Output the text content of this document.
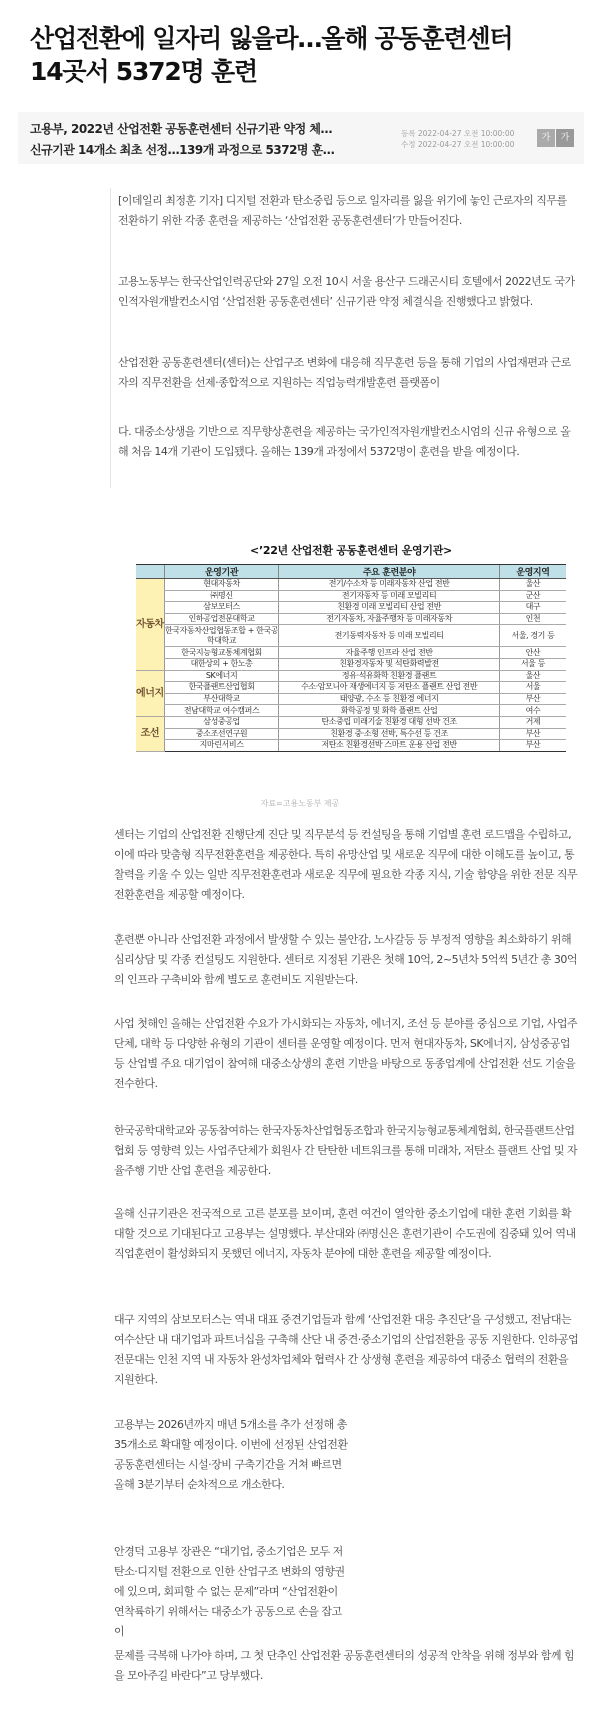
산업전환에 일자리 잃을라…올해 공동훈련센터
14곳서 5372명 훈련
고용부, 2022년 산업전환 공동훈련센터 신규기관 약정 체…
신규기관 14개소 최초 선정…139개 과정으로 5372명 훈…
등록 2022-04-27 오전 10:00:00
수정 2022-04-27 오전 10:00:00
가	가

[이데일리 최정훈 기자] 디지털 전환과 탄소중립 등으로 일자리를 잃을 위기에 놓인 근로자의 직무를 전환하기 위한 각종 훈련을 제공하는 ‘산업전환 공동훈련센터’가 만들어진다.

고용노동부는 한국산업인력공단와 27일 오전 10시 서울 용산구 드래곤시티 호텔에서 2022년도 국가인적자원개발컨소시엄 ‘산업전환 공동훈련센터’ 신규기관 약정 체결식을 진행했다고 밝혔다.

산업전환 공동훈련센터(센터)는 산업구조 변화에 대응해 직무훈련 등을 통해 기업의 사업재편과 근로자의 직무전환을 선제·종합적으로 지원하는 직업능력개발훈련 플랫폼이

다. 대중소상생을 기반으로 직무향상훈련을 제공하는 국가인적자원개발컨소시엄의 신규 유형으로 올해 처음 14개 기관이 도입됐다. 올해는 139개 과정에서 5372명이 훈련을 받을 예정이다.

<’22년 산업전환 공동훈련센터 운영기관>
	운영기관	주요 훈련분야	운영지역
자동차	현대자동차	전기/수소차 등 미래자동차 산업 전반	울산
	㈜명신	전기자동차 등 미래 모빌리티	군산
	삼보모터스	친환경 미래 모빌리티 산업 전반	대구
	인하공업전문대학교	전기자동차, 자율주행차 등 미래자동차	인천
	한국자동차산업협동조합 + 한국공학대학교	전기동력자동차 등 미래 모빌리티	서울, 경기 등
	한국지능형교통체계협회	자율주행 인프라 산업 전반	안산
	대한상의 + 한노총	친환경자동차 및 석탄화력발전	서울 등
에너지	SK에너지	정유·석유화학 친환경 플랜트	울산
	한국플랜트산업협회	수소·암모니아 재생에너지 등 저탄소 플랜트 산업 전반	서울
	부산대학교	태양광, 수소 등 친환경 에너지	부산
	전남대학교 여수캠퍼스	화학공정 및 화학 플랜트 산업	여수
조선	삼성중공업	탄소중립 미래기술 친환경 대형 선박 건조	거제
	중소조선연구원	친환경 중·소형 선박, 특수선 등 건조	부산
	지마린서비스	저탄소 친환경선박 스마트 운용 산업 전반	부산
자료=고용노동부 제공

센터는 기업의 산업전환 진행단계 진단 및 직무분석 등 컨설팅을 통해 기업별 훈련 로드맵을 수립하고, 이에 따라 맞춤형 직무전환훈련을 제공한다. 특히 유망산업 및 새로운 직무에 대한 이해도를 높이고, 통찰력을 키울 수 있는 일반 직무전환훈련과 새로운 직무에 필요한 각종 지식, 기술 함양을 위한 전문 직무전환훈련을 제공할 예정이다.

훈련뿐 아니라 산업전환 과정에서 발생할 수 있는 불안감, 노사갈등 등 부정적 영향을 최소화하기 위해 심리상담 및 각종 컨설팅도 지원한다. 센터로 지정된 기관은 첫해 10억, 2~5년차 5억씩 5년간 총 30억의 인프라 구축비와 함께 별도로 훈련비도 지원받는다.

사업 첫해인 올해는 산업전환 수요가 가시화되는 자동차, 에너지, 조선 등 분야를 중심으로 기업, 사업주단체, 대학 등 다양한 유형의 기관이 센터를 운영할 예정이다. 먼저 현대자동차, SK에너지, 삼성중공업 등 산업별 주요 대기업이 참여해 대중소상생의 훈련 기반을 바탕으로 동종업계에 산업전환 선도 기술을 전수한다.

한국공학대학교와 공동참여하는 한국자동차산업협동조합과 한국지능형교통체계협회, 한국플랜트산업협회 등 영향력 있는 사업주단체가 회원사 간 탄탄한 네트워크를 통해 미래차, 저탄소 플랜트 산업 및 자율주행 기반 산업 훈련을 제공한다.

올해 신규기관은 전국적으로 고른 분포를 보이며, 훈련 여건이 열악한 중소기업에 대한 훈련 기회를 확대할 것으로 기대된다고 고용부는 설명했다. 부산대와 ㈜명신은 훈련기관이 수도권에 집중돼 있어 역내 직업훈련이 활성화되지 못했던 에너지, 자동차 분야에 대한 훈련을 제공할 예정이다.

대구 지역의 삼보모터스는 역내 대표 중견기업들과 함께 ‘산업전환 대응 추진단’을 구성했고, 전남대는 여수산단 내 대기업과 파트너십을 구축해 산단 내 중견·중소기업의 산업전환을 공동 지원한다. 인하공업전문대는 인천 지역 내 자동차 완성차업체와 협력사 간 상생형 훈련을 제공하여 대중소 협력의 전환을 지원한다.

고용부는 2026년까지 매년 5개소를 추가 선정해 총 35개소로 확대할 예정이다. 이번에 선정된 산업전환 공동훈련센터는 시설·장비 구축기간을 거쳐 빠르면 올해 3분기부터 순차적으로 개소한다.

안경덕 고용부 장관은 “대기업, 중소기업은 모두 저탄소·디지털 전환으로 인한 산업구조 변화의 영향권에 있으며, 회피할 수 없는 문제”라며 “산업전환이 연착륙하기 위해서는 대중소가 공동으로 손을 잡고 이

문제를 극복해 나가야 하며, 그 첫 단추인 산업전환 공동훈련센터의 성공적 안착을 위해 정부와 함께 힘을 모아주길 바란다”고 당부했다.
